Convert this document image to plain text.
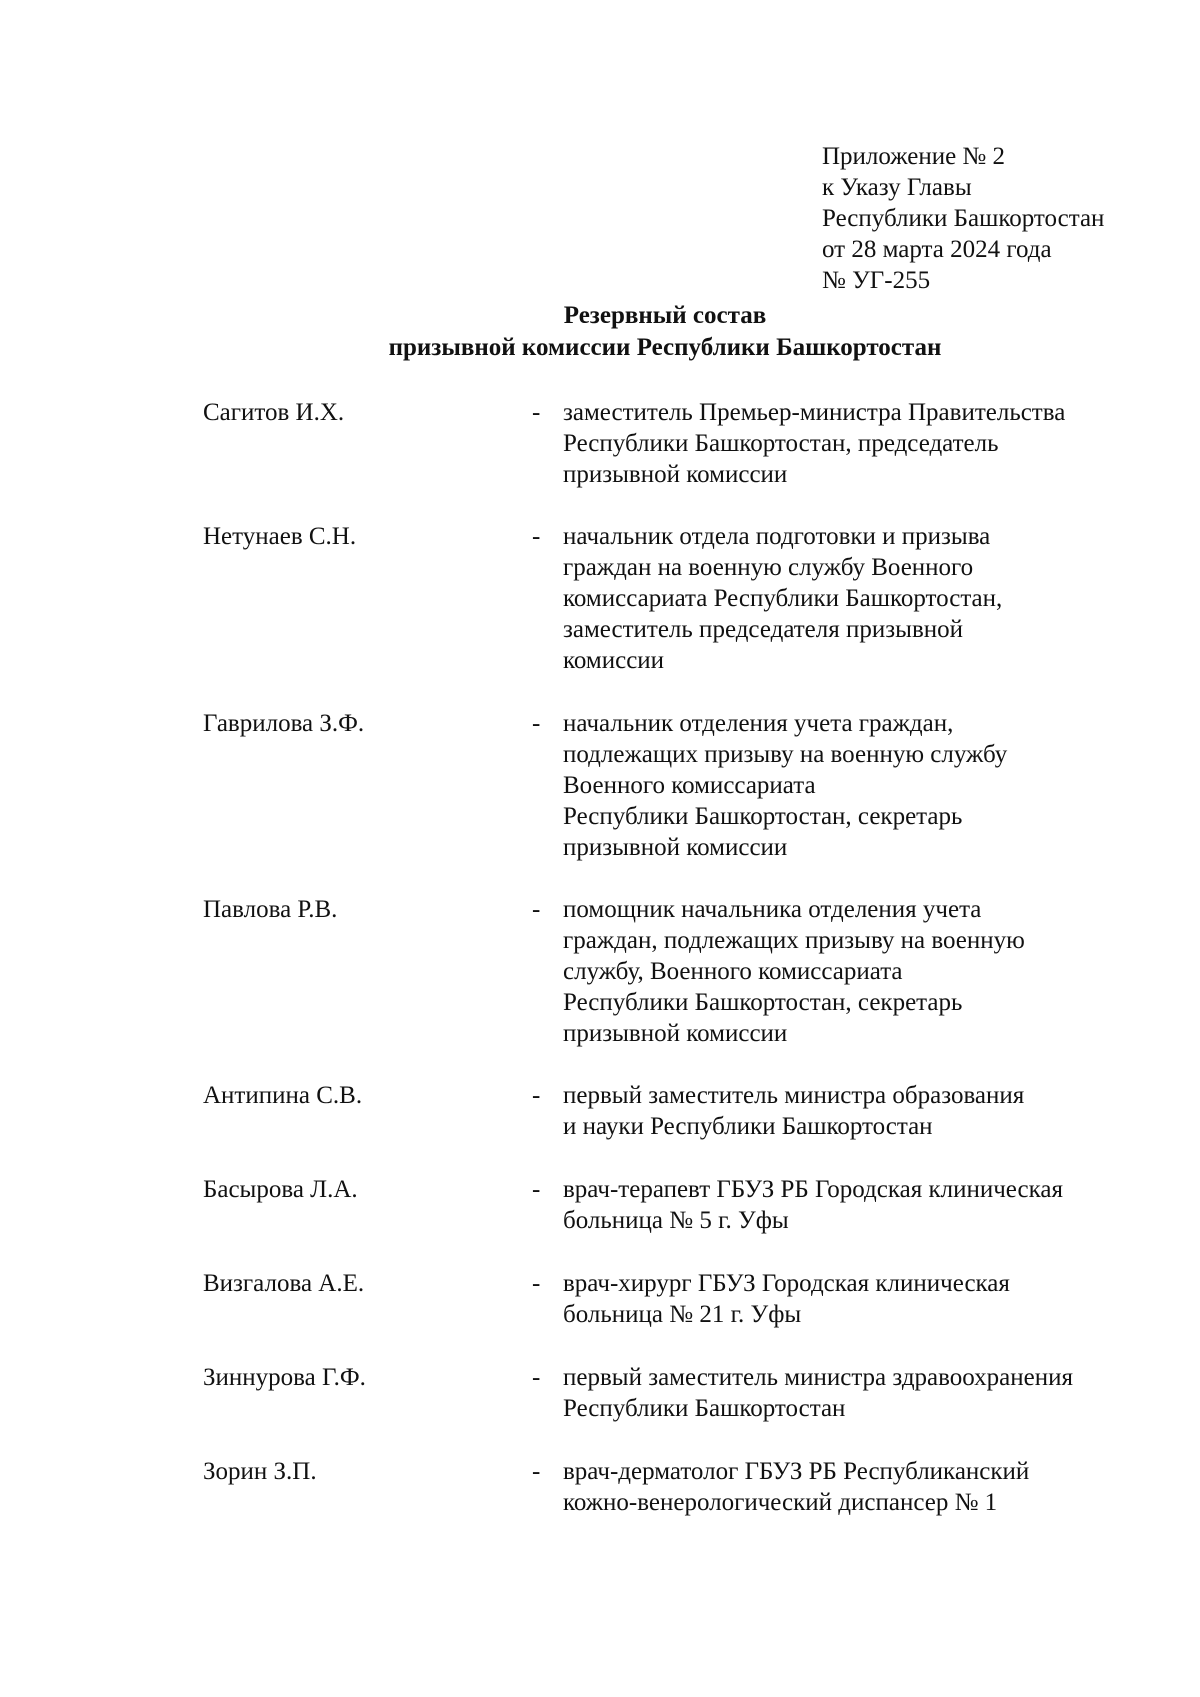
Приложение № 2
к Указу Главы
Республики Башкортостан
от 28 марта 2024 года
№ УГ-255
Резервный состав
призывной комиссии Республики Башкортостан
Сагитов И.Х.	- заместитель Премьер-министра Правительства
Республики Башкортостан, председатель
призывной комиссии
Нетунаев С.Н.	- начальник отдела подготовки и призыва
граждан на военную службу Военного
комиссариата Республики Башкортостан,
заместитель председателя призывной
комиссии
Гаврилова З.Ф.	- начальник отделения учета граждан,
подлежащих призыву на военную службу
Военного комиссариата
Республики Башкортостан, секретарь
призывной комиссии
Павлова Р.В.	- помощник начальника отделения учета
граждан, подлежащих призыву на военную
службу, Военного комиссариата
Республики Башкортостан, секретарь
призывной комиссии
Антипина С.В.	- первый заместитель министра образования
и науки Республики Башкортостан
Басырова Л.А.	- врач-терапевт ГБУЗ РБ Городская клиническая
больница № 5 г. Уфы
Визгалова А.Е.	- врач-хирург ГБУЗ Городская клиническая
больница № 21 г. Уфы
Зиннурова Г.Ф.	- первый заместитель министра здравоохранения
Республики Башкортостан
Зорин З.П.	- врач-дерматолог ГБУЗ РБ Республиканский
кожно-венерологический диспансер № 1
